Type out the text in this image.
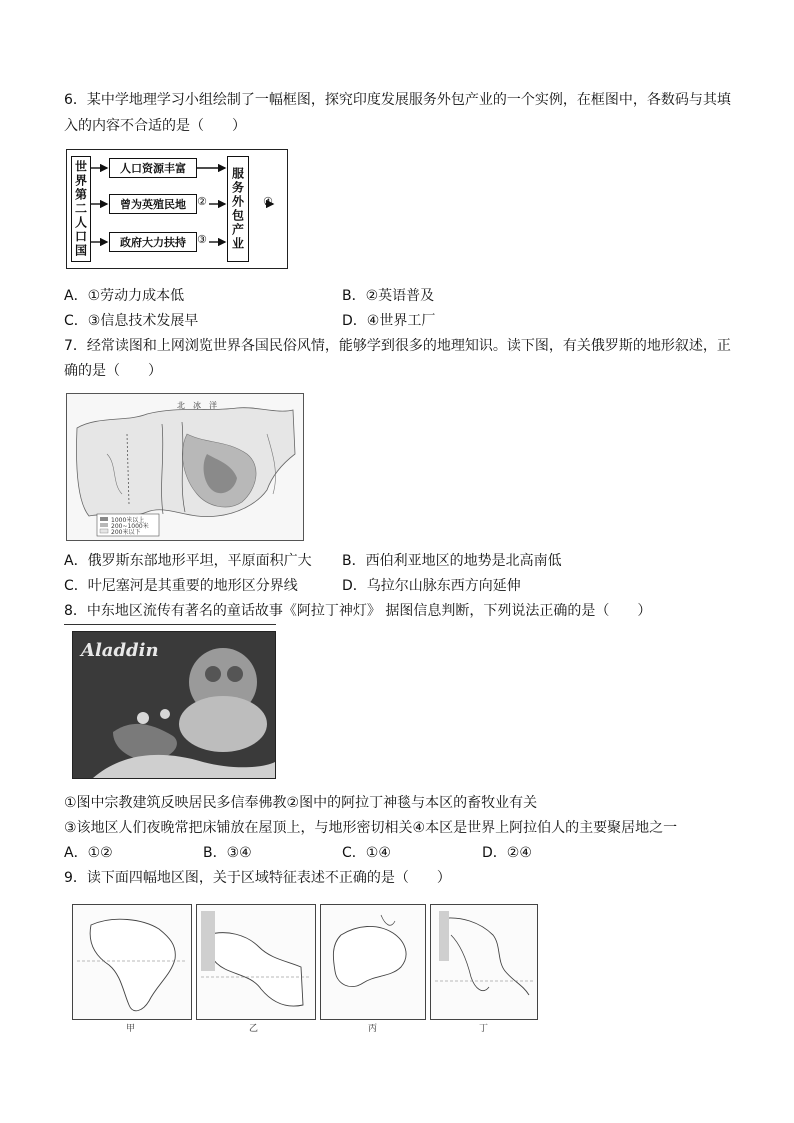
6．某中学地理学习小组绘制了一幅框图，探究印度发展服务外包产业的一个实例，在框图中，各数码与其填
入的内容不合适的是（　　）
世界第二人口国	人口资源丰富
曾为英殖民地
政府大力扶持
②
③ 服务外包产业	④
A．①劳动力成本低	B．②英语普及
C．③信息技术发展早	D．④世界工厂
7．经常读图和上网浏览世界各国民俗风情，能够学到很多的地理知识。读下图，有关俄罗斯的地形叙述，正
确的是（　　）
北　冰　洋
1000米以上
200~1000米
200米以下
A．俄罗斯东部地形平坦，平原面积广大 B．西伯利亚地区的地势是北高南低
C．叶尼塞河是其重要的地形区分界线	D．乌拉尔山脉东西方向延伸
8．中东地区流传有著名的童话故事《阿拉丁神灯》 据图信息判断，下列说法正确的是（　　）
Aladdin
①图中宗教建筑反映居民多信奉佛教②图中的阿拉丁神毯与本区的畜牧业有关
③该地区人们夜晚常把床铺放在屋顶上，与地形密切相关④本区是世界上阿拉伯人的主要聚居地之一
A．①②	B．③④	C．①④	D．②④
9．读下面四幅地区图，关于区域特征表述不正确的是（　　）
甲	乙	丙	丁
